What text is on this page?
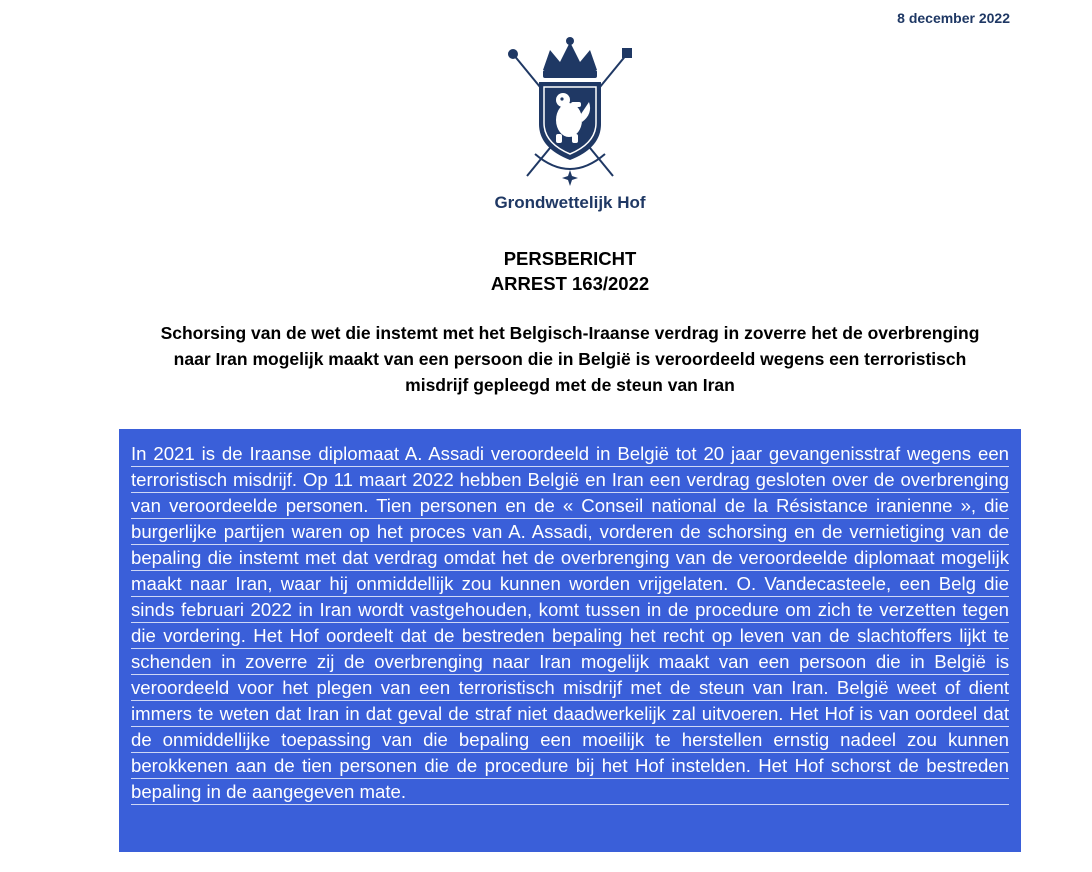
8 december 2022
Grondwettelijk Hof
PERSBERICHT
ARREST 163/2022
Schorsing van de wet die instemt met het Belgisch-Iraanse verdrag in zoverre het de overbrenging naar Iran mogelijk maakt van een persoon die in België is veroordeeld wegens een terroristisch misdrijf gepleegd met de steun van Iran
In 2021 is de Iraanse diplomaat A. Assadi veroordeeld in België tot 20 jaar gevangenisstraf wegens een terroristisch misdrijf. Op 11 maart 2022 hebben België en Iran een verdrag gesloten over de overbrenging van veroordeelde personen. Tien personen en de « Conseil national de la Résistance iranienne », die burgerlijke partijen waren op het proces van A. Assadi, vorderen de schorsing en de vernietiging van de bepaling die instemt met dat verdrag omdat het de overbrenging van de veroordeelde diplomaat mogelijk maakt naar Iran, waar hij onmiddellijk zou kunnen worden vrijgelaten. O. Vandecasteele, een Belg die sinds februari 2022 in Iran wordt vastgehouden, komt tussen in de procedure om zich te verzetten tegen die vordering. Het Hof oordeelt dat de bestreden bepaling het recht op leven van de slachtoffers lijkt te schenden in zoverre zij de overbrenging naar Iran mogelijk maakt van een persoon die in België is veroordeeld voor het plegen van een terroristisch misdrijf met de steun van Iran. België weet of dient immers te weten dat Iran in dat geval de straf niet daadwerkelijk zal uitvoeren. Het Hof is van oordeel dat de onmiddellijke toepassing van die bepaling een moeilijk te herstellen ernstig nadeel zou kunnen berokkenen aan de tien personen die de procedure bij het Hof instelden. Het Hof schorst de bestreden bepaling in de aangegeven mate.
